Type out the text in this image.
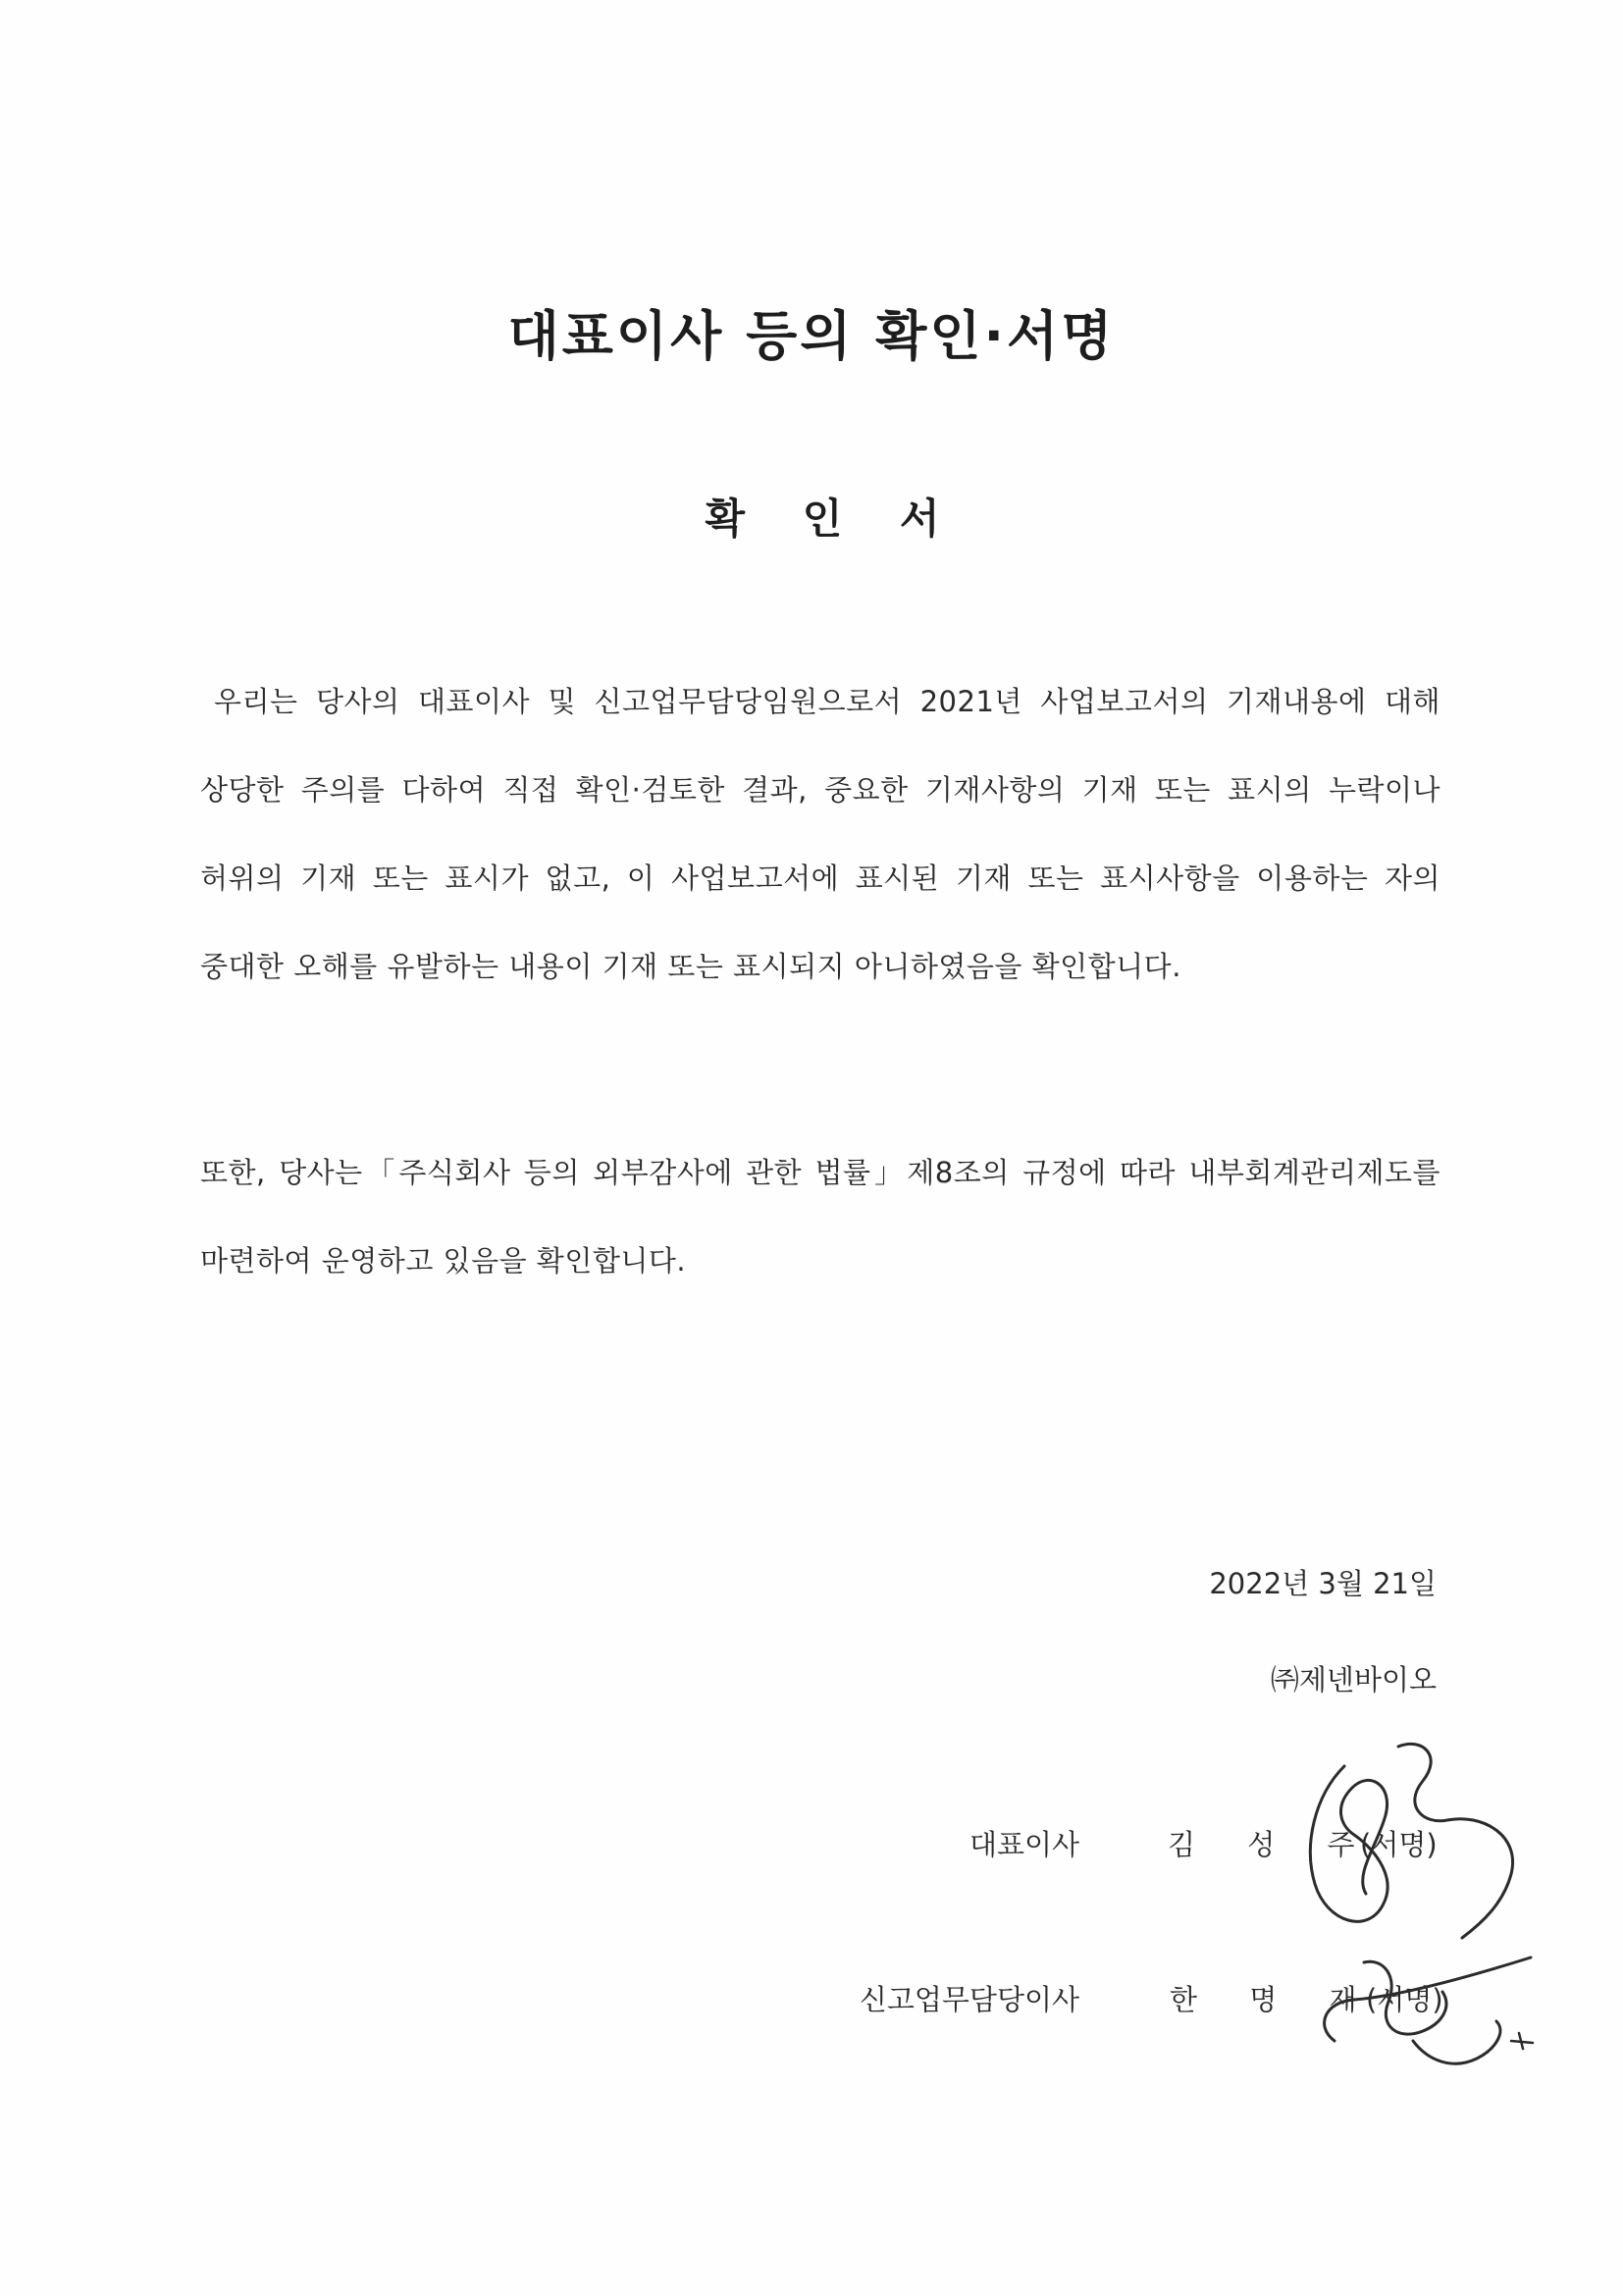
대표이사 등의 확인·서명
확 인 서
우리는 당사의 대표이사 및 신고업무담당임원으로서 2021년 사업보고서의 기재내용에 대해 상당한 주의를 다하여 직접 확인·검토한 결과, 중요한 기재사항의 기재 또는 표시의 누락이나 허위의 기재 또는 표시가 없고, 이 사업보고서에 표시된 기재 또는 표시사항을 이용하는 자의 중대한 오해를 유발하는 내용이 기재 또는 표시되지 아니하였음을 확인합니다.
또한, 당사는「주식회사 등의 외부감사에 관한 법률」제8조의 규정에 따라 내부회계관리제도를 마련하여 운영하고 있음을 확인합니다.
2022년 3월 21일
㈜제넨바이오
대표이사	김 성 주
(서명)
신고업무담당이사	한 명 재
(서명)
